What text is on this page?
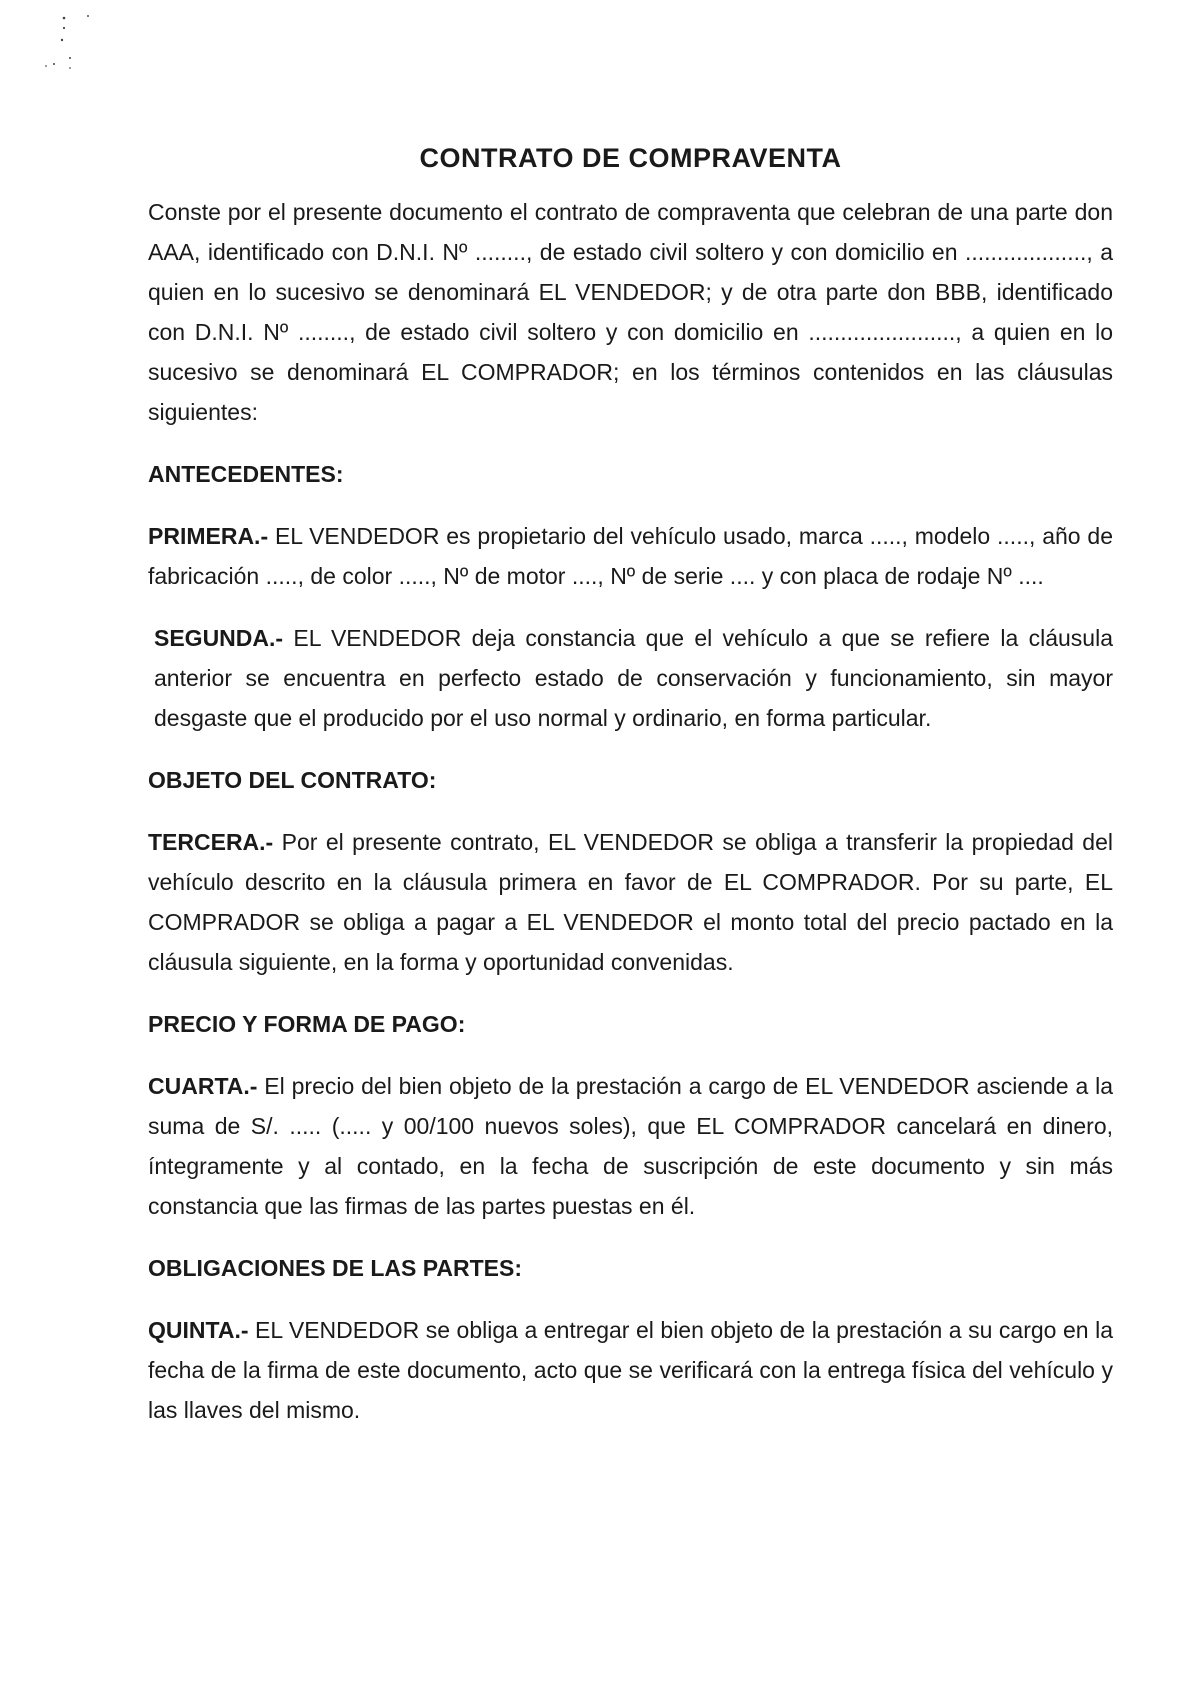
CONTRATO DE COMPRAVENTA

Conste por el presente documento el contrato de compraventa que celebran de una parte don AAA, identificado con D.N.I. Nº ........, de estado civil soltero y con domicilio en ..................., a quien en lo sucesivo se denominará EL VENDEDOR; y de otra parte don BBB, identificado con D.N.I. Nº ........, de estado civil soltero y con domicilio en ......................., a quien en lo sucesivo se denominará EL COMPRADOR; en los términos contenidos en las cláusulas siguientes:

ANTECEDENTES:

PRIMERA.- EL VENDEDOR es propietario del vehículo usado, marca ....., modelo ....., año de fabricación ....., de color ....., Nº de motor ...., Nº de serie .... y con placa de rodaje Nº ....

SEGUNDA.- EL VENDEDOR deja constancia que el vehículo a que se refiere la cláusula anterior se encuentra en perfecto estado de conservación y funcionamiento, sin mayor desgaste que el producido por el uso normal y ordinario, en forma particular.

OBJETO DEL CONTRATO:

TERCERA.- Por el presente contrato, EL VENDEDOR se obliga a transferir la propiedad del vehículo descrito en la cláusula primera en favor de EL COMPRADOR. Por su parte, EL COMPRADOR se obliga a pagar a EL VENDEDOR el monto total del precio pactado en la cláusula siguiente, en la forma y oportunidad convenidas.

PRECIO Y FORMA DE PAGO:

CUARTA.- El precio del bien objeto de la prestación a cargo de EL VENDEDOR asciende a la suma de S/. ..... (..... y 00/100 nuevos soles), que EL COMPRADOR cancelará en dinero, íntegramente y al contado, en la fecha de suscripción de este documento y sin más constancia que las firmas de las partes puestas en él.

OBLIGACIONES DE LAS PARTES:

QUINTA.- EL VENDEDOR se obliga a entregar el bien objeto de la prestación a su cargo en la fecha de la firma de este documento, acto que se verificará con la entrega física del vehículo y las llaves del mismo.
